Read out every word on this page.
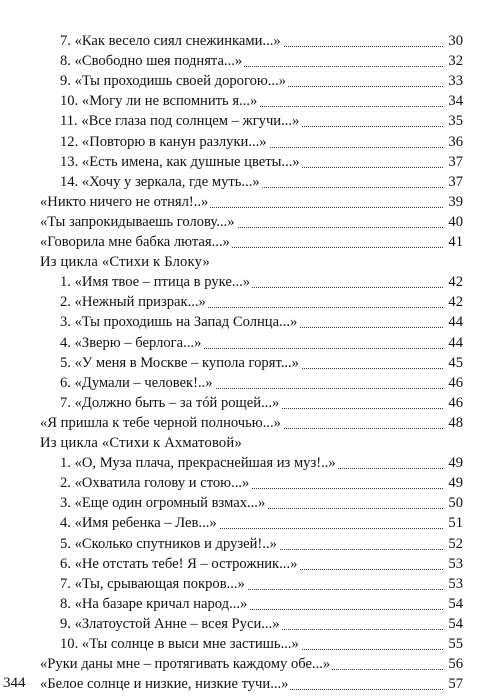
7. «Как весело сиял снежинками...»	30
8. «Свободно шея поднята...»	32
9. «Ты проходишь своей дорогою...»	33
10. «Могу ли не вспомнить я...»	34
11. «Все глаза под солнцем – жгучи...»	35
12. «Повторю в канун разлуки...»	36
13. «Есть имена, как душные цветы...»	37
14. «Хочу у зеркала, где муть...»	37
«Никто ничего не отнял!..»	39
«Ты запрокидываешь голову...»	40
«Говорила мне бабка лютая...»	41
Из цикла «Стихи к Блоку»
1. «Имя твое – птица в руке...»	42
2. «Нежный призрак...»	42
3. «Ты проходишь на Запад Солнца...»	44
4. «Зверю – берлога...»	44
5. «У меня в Москве – купола горят...»	45
6. «Думали – человек!..»	46
7. «Должно быть – за тóй рощей...»	46
«Я пришла к тебе черной полночью...»	48
Из цикла «Стихи к Ахматовой»
1. «О, Муза плача, прекраснейшая из муз!..»	49
2. «Охватила голову и стою...»	49
3. «Еще один огромный взмах...»	50
4. «Имя ребенка – Лев...»	51
5. «Сколько спутников и друзей!..»	52
6. «Не отстать тебе! Я – острожник...»	53
7. «Ты, срывающая покров...»	53
8. «На базаре кричал народ...»	54
9. «Златоустой Анне – всея Руси...»	54
10. «Ты солнце в выси мне застишь...»	55
«Руки даны мне – протягивать каждому обе...»	56
«Белое солнце и низкие, низкие тучи...»	57
344
